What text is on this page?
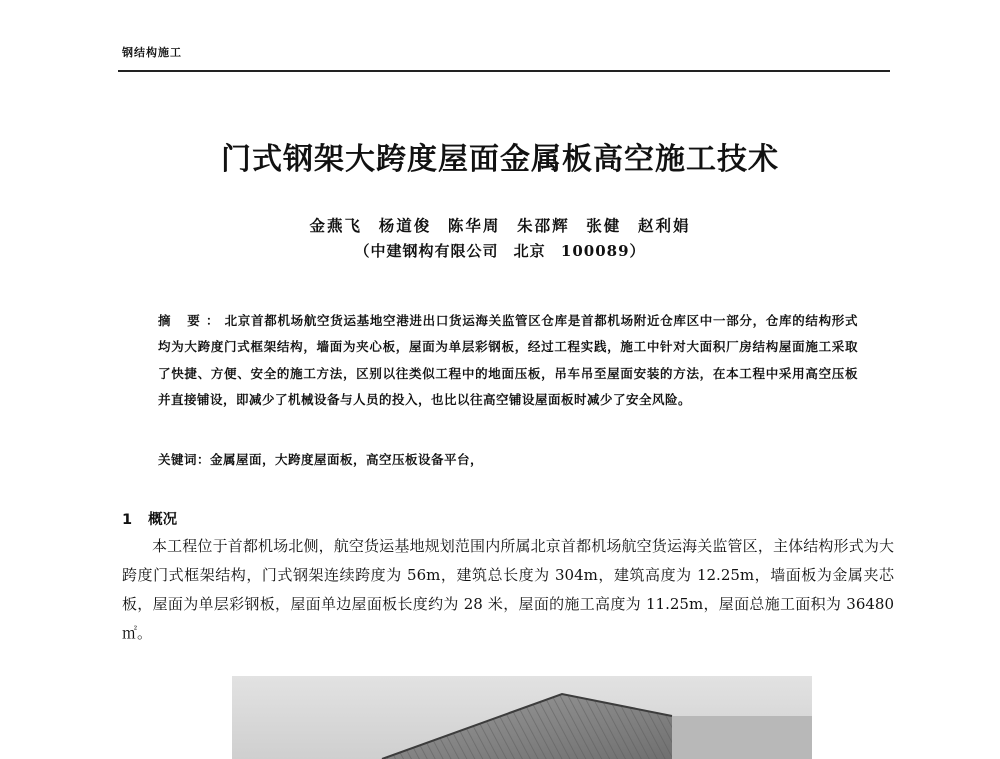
钢结构施工
门式钢架大跨度屋面金属板高空施工技术
金燕飞 杨道俊 陈华周 朱邵辉 张健 赵利娟
（中建钢构有限公司 北京 100089）
摘 要：北京首都机场航空货运基地空港进出口货运海关监管区仓库是首都机场附近仓库区中一部分，仓库的结构形式均为大跨度门式框架结构，墙面为夹心板，屋面为单层彩钢板，经过工程实践，施工中针对大面积厂房结构屋面施工采取了快捷、方便、安全的施工方法，区别以往类似工程中的地面压板，吊车吊至屋面安装的方法，在本工程中采用高空压板并直接铺设，即减少了机械设备与人员的投入，也比以往高空铺设屋面板时减少了安全风险。
关键词：金属屋面，大跨度屋面板，高空压板设备平台，
1 概况

本工程位于首都机场北侧，航空货运基地规划范围内所属北京首都机场航空货运海关监管区，主体结构形式为大跨度门式框架结构，门式钢架连续跨度为 56m，建筑总长度为 304m，建筑高度为 12.25m，墙面板为金属夹芯板，屋面为单层彩钢板，屋面单边屋面板长度约为 28 米，屋面的施工高度为 11.25m，屋面总施工面积为 36480 ㎡。
